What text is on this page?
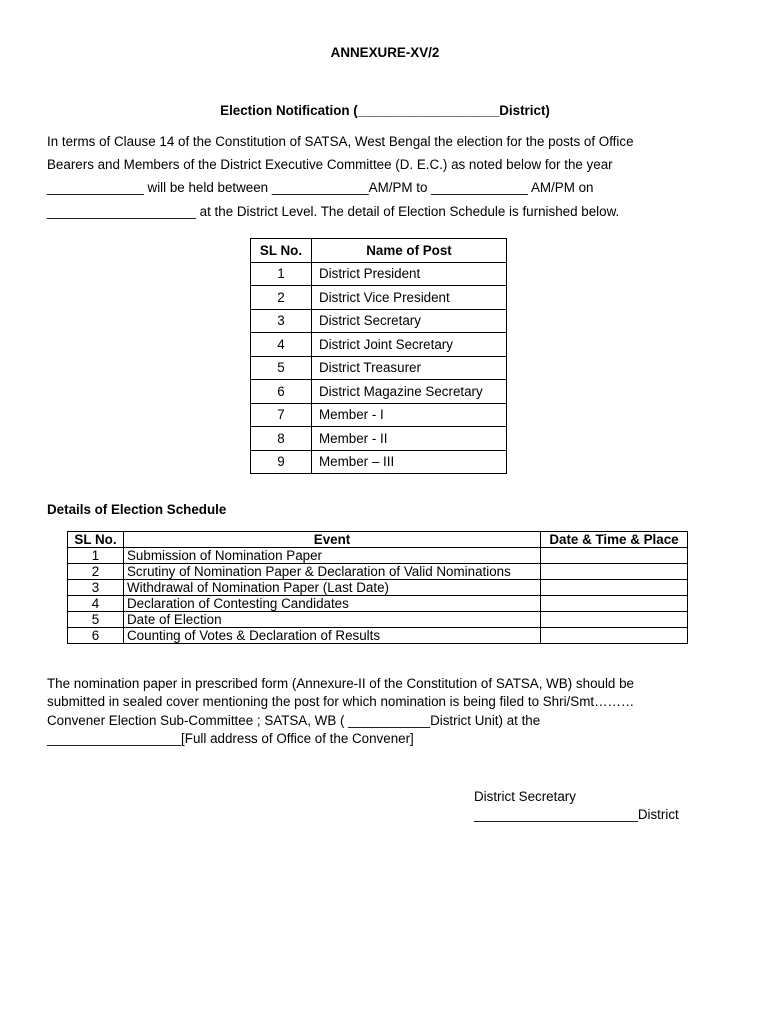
ANNEXURE-XV/2
Election Notification (___________________District)

In terms of Clause 14 of the Constitution of SATSA, West Bengal the election for the posts of Office

Bearers and Members of the District Executive Committee (D. E.C.) as noted below for the year

_____________ will be held between _____________AM/PM to _____________ AM/PM on

____________________ at the District Level. The detail of Election Schedule is furnished below.

SL No.	Name of Post
1	District President
2	District Vice President
3	District Secretary
4	District Joint Secretary
5	District Treasurer
6	District Magazine Secretary
7	Member - I
8	Member - II
9	Member – III
Details of Election Schedule
SL No.	Event	Date & Time & Place
1	Submission of Nomination Paper	
2	Scrutiny of Nomination Paper & Declaration of Valid Nominations	
3	Withdrawal of Nomination Paper (Last Date)	
4	Declaration of Contesting Candidates	
5	Date of Election	
6	Counting of Votes & Declaration of Results	

The nomination paper in prescribed form (Annexure-II of the Constitution of SATSA, WB) should be

submitted in sealed cover mentioning the post for which nomination is being filed to Shri/Smt………

Convener Election Sub-Committee ; SATSA, WB ( ___________District Unit) at the

__________________[Full address of Office of the Convener]

District Secretary

______________________District
